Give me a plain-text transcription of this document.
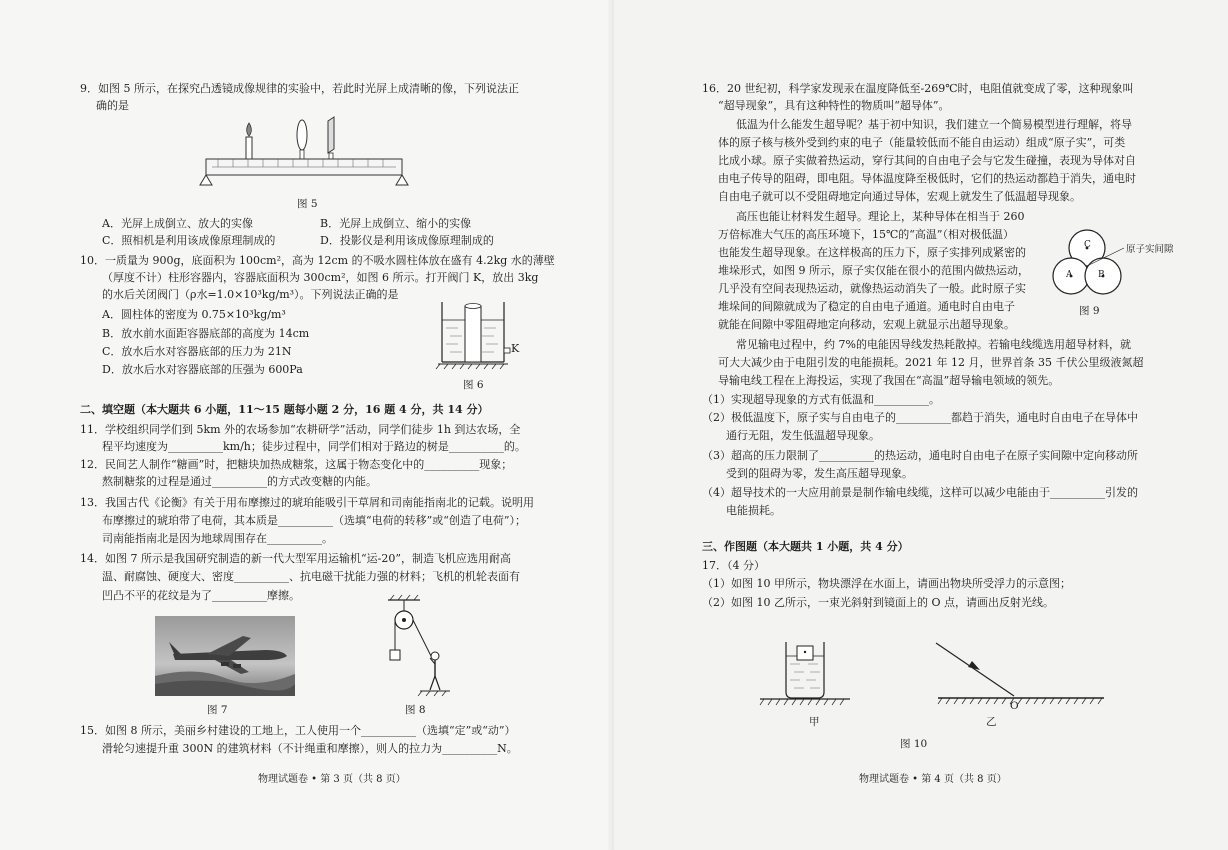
9．如图 5 所示，在探究凸透镜成像规律的实验中，若此时光屏上成清晰的像，下列说法正
确的是
图 5
A．光屏上成倒立、放大的实像	B．光屏上成倒立、缩小的实像
C．照相机是利用该成像原理制成的	D．投影仪是利用该成像原理制成的
10．一质量为 900g，底面积为 100cm²，高为 12cm 的不吸水圆柱体放在盛有 4.2kg 水的薄壁
（厚度不计）柱形容器内，容器底面积为 300cm²，如图 6 所示。打开阀门 K，放出 3kg
的水后关闭阀门（ρ水=1.0×10³kg/m³）。下列说法正确的是
A．圆柱体的密度为 0.75×10³kg/m³
B．放水前水面距容器底部的高度为 14cm
C．放水后水对容器底部的压力为 21N
D．放水后水对容器底部的压强为 600Pa
K
图 6
二、填空题（本大题共 6 小题，11～15 题每小题 2 分，16 题 4 分，共 14 分）
11．学校组织同学们到 5km 外的农场参加“农耕研学”活动，同学们徒步 1h 到达农场，全
程平均速度为__________km/h；徒步过程中，同学们相对于路边的树是__________的。
12．民间艺人制作“糖画”时，把糖块加热成糖浆，这属于物态变化中的__________现象；
熬制糖浆的过程是通过__________的方式改变糖的内能。
13．我国古代《论衡》有关于用布摩擦过的琥珀能吸引干草屑和司南能指南北的记载。说明用
布摩擦过的琥珀带了电荷，其本质是__________（选填“电荷的转移”或“创造了电荷”）；
司南能指南北是因为地球周围存在__________。
14．如图 7 所示是我国研究制造的新一代大型军用运输机“运-20”，制造飞机应选用耐高
温、耐腐蚀、硬度大、密度__________、抗电磁干扰能力强的材料；飞机的机轮表面有
凹凸不平的花纹是为了__________摩擦。
图 7	图 8
15．如图 8 所示，美丽乡村建设的工地上，工人使用一个__________（选填“定”或“动”）
滑轮匀速提升重 300N 的建筑材料（不计绳重和摩擦），则人的拉力为__________N。
物理试题卷 • 第 3 页（共 8 页）
16．20 世纪初，科学家发现汞在温度降低至-269℃时，电阻值就变成了零，这种现象叫
“超导现象”，具有这种特性的物质叫“超导体”。
低温为什么能发生超导呢？基于初中知识，我们建立一个简易模型进行理解，将导
体的原子核与核外受到约束的电子（能量较低而不能自由运动）组成“原子实”，可类
比成小球。原子实做着热运动，穿行其间的自由电子会与它发生碰撞，表现为导体对自
由电子传导的阻碍，即电阻。导体温度降至极低时，它们的热运动都趋于消失，通电时
自由电子就可以不受阻碍地定向通过导体，宏观上就发生了低温超导现象。
高压也能让材料发生超导。理论上，某种导体在相当于 260
万倍标准大气压的高压环境下，15℃的“高温”（相对极低温）
也能发生超导现象。在这样极高的压力下，原子实排列成紧密的
堆垛形式，如图 9 所示，原子实仅能在很小的范围内做热运动，
几乎没有空间表现热运动，就像热运动消失了一般。此时原子实
堆垛间的间隙就成为了稳定的自由电子通道。通电时自由电子
就能在间隙中零阻碍地定向移动，宏观上就显示出超导现象。
C
A	B
原子实间隙
图 9
常见输电过程中，约 7%的电能因导线发热耗散掉。若输电线缆选用超导材料，就
可大大减少由于电阻引发的电能损耗。2021 年 12 月，世界首条 35 千伏公里级液氮超
导输电线工程在上海投运，实现了我国在“高温”超导输电领域的领先。
（1）实现超导现象的方式有低温和__________。
（2）极低温度下，原子实与自由电子的__________都趋于消失，通电时自由电子在导体中
通行无阻，发生低温超导现象。
（3）超高的压力限制了__________的热运动，通电时自由电子在原子实间隙中定向移动所
受到的阻碍为零，发生高压超导现象。
（4）超导技术的一大应用前景是制作输电线缆，这样可以减少电能由于__________引发的
电能损耗。
三、作图题（本大题共 1 小题，共 4 分）
17．（4 分）
（1）如图 10 甲所示，物块漂浮在水面上，请画出物块所受浮力的示意图；
（2）如图 10 乙所示，一束光斜射到镜面上的 O 点，请画出反射光线。
甲
O
乙
图 10
物理试题卷 • 第 4 页（共 8 页）
